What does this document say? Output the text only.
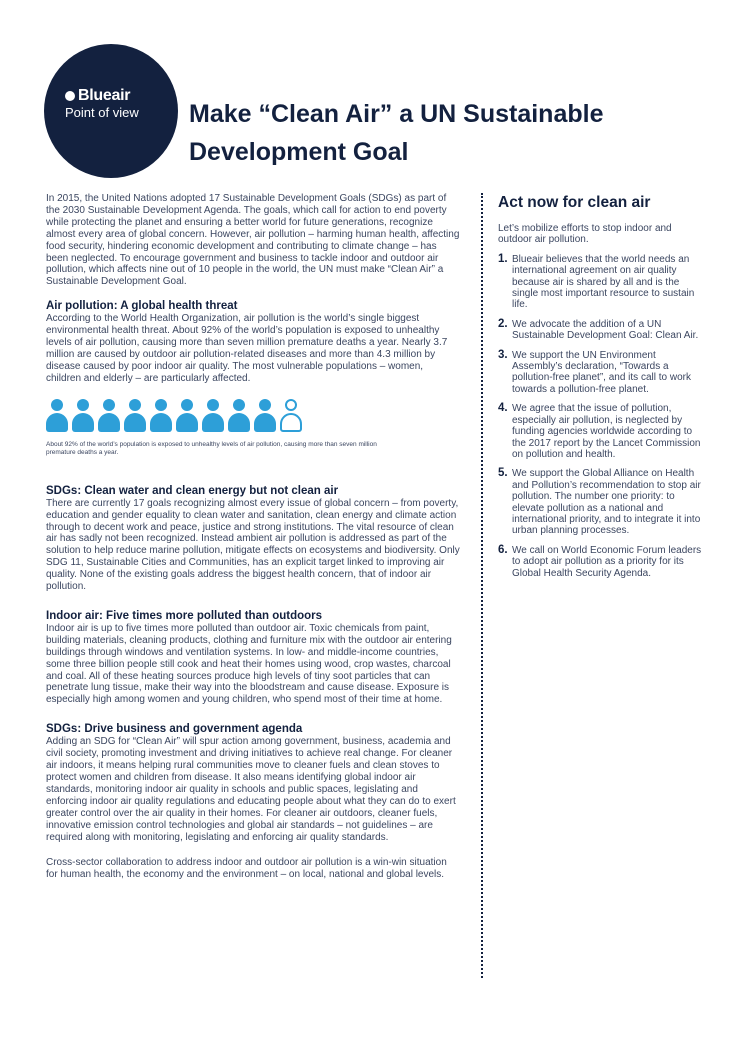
Blueair
Point of view Make “Clean Air” a UN Sustainable Development Goal

In 2015, the United Nations adopted 17 Sustainable Development Goals (SDGs) as part of the 2030 Sustainable Development Agenda. The goals, which call for action to end poverty while protecting the planet and ensuring a better world for future generations, recognize almost every area of global concern. However, air pollution – harming human health, affecting food security, hindering economic development and contributing to climate change – has been neglected. To encourage government and business to tackle indoor and outdoor air pollution, which affects nine out of 10 people in the world, the UN must make “Clean Air” a Sustainable Development Goal.

Air pollution: A global health threat

According to the World Health Organization, air pollution is the world’s single biggest environmental health threat. About 92% of the world’s population is exposed to unhealthy levels of air pollution, causing more than seven million premature deaths a year. Nearly 3.7 million are caused by outdoor air pollution-related diseases and more than 4.3 million by disease caused by poor indoor air quality. The most vulnerable populations – women, children and elderly – are particularly affected.

About 92% of the world’s population is exposed to unhealthy levels of air pollution, causing more than seven million premature deaths a year.
SDGs: Clean water and clean energy but not clean air

There are currently 17 goals recognizing almost every issue of global concern – from poverty, education and gender equality to clean water and sanitation, clean energy and climate action through to decent work and peace, justice and strong institutions. The vital resource of clean air has sadly not been recognized. Instead ambient air pollution is addressed as part of the solution to help reduce marine pollution, mitigate effects on ecosystems and biodiversity. Only SDG 11, Sustainable Cities and Communities, has an explicit target linked to improving air quality. None of the existing goals address the biggest health concern, that of indoor air pollution.

Indoor air: Five times more polluted than outdoors

Indoor air is up to five times more polluted than outdoor air. Toxic chemicals from paint, building materials, cleaning products, clothing and furniture mix with the outdoor air entering buildings through windows and ventilation systems. In low- and middle-income countries, some three billion people still cook and heat their homes using wood, crop wastes, charcoal and coal. All of these heating sources produce high levels of tiny soot particles that can penetrate lung tissue, make their way into the bloodstream and cause disease. Exposure is especially high among women and young children, who spend most of their time at home.

SDGs: Drive business and government agenda

Adding an SDG for “Clean Air” will spur action among government, business, academia and civil society, promoting investment and driving initiatives to achieve real change. For cleaner air indoors, it means helping rural communities move to cleaner fuels and clean stoves to protect women and children from disease. It also means identifying global indoor air standards, monitoring indoor air quality in schools and public spaces, legislating and enforcing indoor air quality regulations and educating people about what they can do to exert greater control over the air quality in their homes. For cleaner air outdoors, cleaner fuels, innovative emission control technologies and global air standards – not guidelines – are required along with monitoring, legislating and enforcing air quality standards.

Cross-sector collaboration to address indoor and outdoor air pollution is a win-win situation for human health, the economy and the environment – on local, national and global levels.

Act now for clean air

Let’s mobilize efforts to stop indoor and outdoor air pollution.

1. Blueair believes that the world needs an international agreement on air quality because air is shared by all and is the single most important resource to sustain life.
2. We advocate the addition of a UN Sustainable Development Goal: Clean Air.
3. We support the UN Environment Assembly’s declaration, “Towards a pollution-free planet”, and its call to work towards a pollution-free planet.
4. We agree that the issue of pollution, especially air pollution, is neglected by funding agencies worldwide according to the 2017 report by the Lancet Commission on pollution and health.
5. We support the Global Alliance on Health and Pollution’s recommendation to stop air pollution. The number one priority: to elevate pollution as a national and international priority, and to integrate it into urban planning processes.
6. We call on World Economic Forum leaders to adopt air pollution as a priority for its Global Health Security Agenda.
